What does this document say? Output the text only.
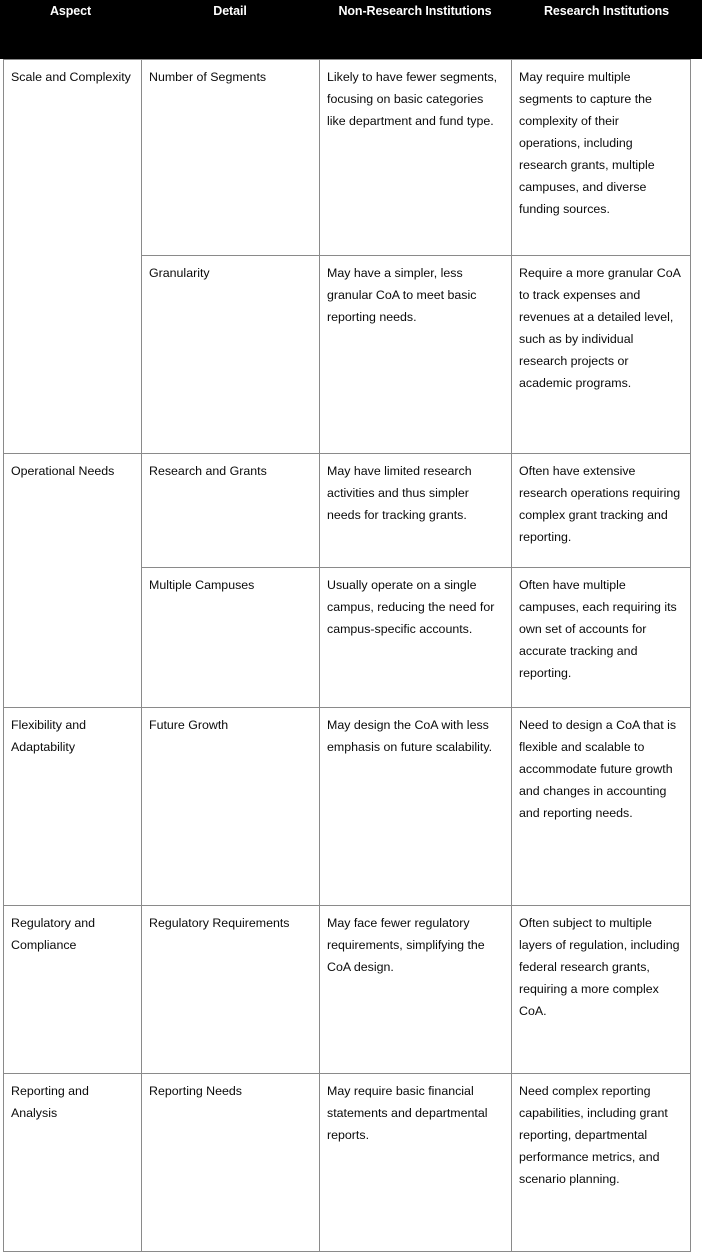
Aspect	Detail	Non-Research Institutions	Research Institutions
Scale and Complexity	Number of Segments	Likely to have fewer segments, focusing on basic categories like department and fund type.	May require multiple segments to capture the complexity of their operations, including research grants, multiple campuses, and diverse funding sources.

	Granularity	May have a simpler, less granular CoA to meet basic reporting needs.	Require a more granular CoA to track expenses and revenues at a detailed level, such as by individual research projects or academic programs.

Operational Needs	Research and Grants	May have limited research activities and thus simpler needs for tracking grants.	Often have extensive research operations requiring complex grant tracking and reporting.

	Multiple Campuses	Usually operate on a single campus, reducing the need for campus-specific accounts.	Often have multiple campuses, each requiring its own set of accounts for accurate tracking and reporting.

Flexibility and Adaptability	Future Growth	May design the CoA with less emphasis on future scalability.	Need to design a CoA that is flexible and scalable to accommodate future growth and changes in accounting and reporting needs.

Regulatory and Compliance	Regulatory Requirements	May face fewer regulatory requirements, simplifying the CoA design.	Often subject to multiple layers of regulation, including federal research grants, requiring a more complex CoA.

Reporting and Analysis	Reporting Needs	May require basic financial statements and departmental reports.	Need complex reporting capabilities, including grant reporting, departmental performance metrics, and scenario planning.
